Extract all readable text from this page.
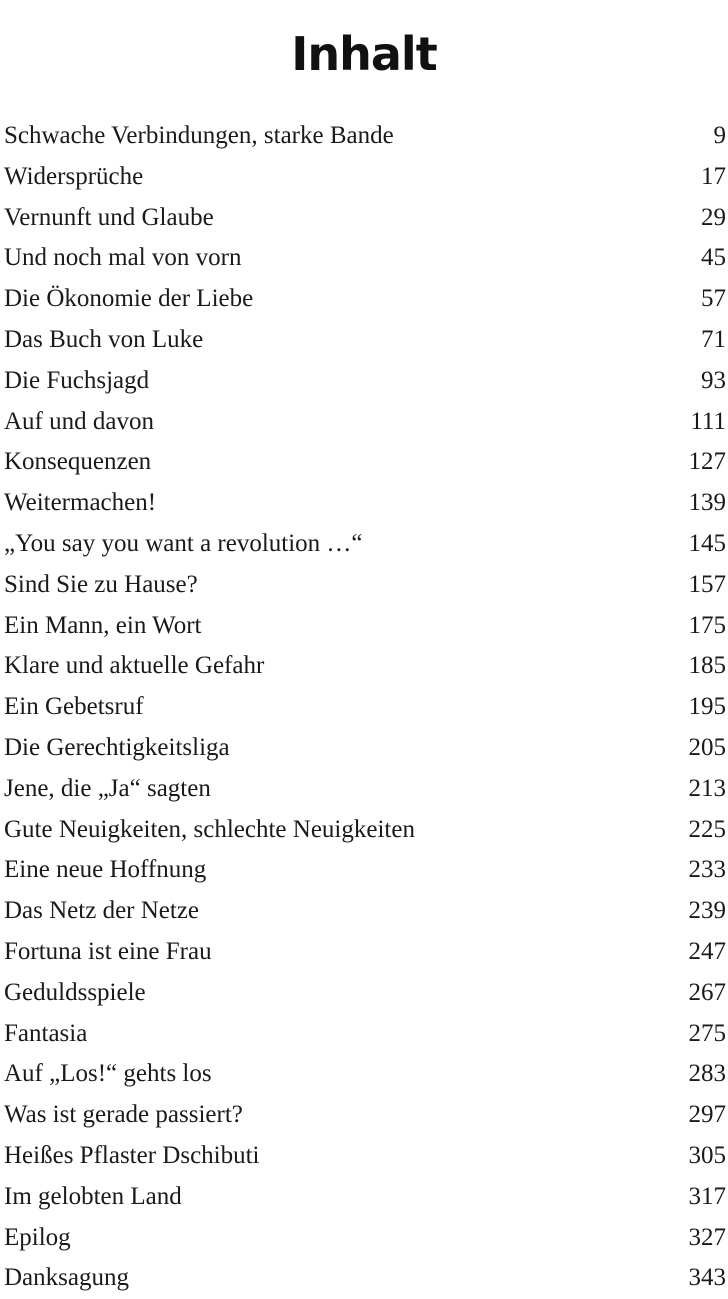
Inhalt
Schwache Verbindungen, starke Bande	9
Widersprüche	17
Vernunft und Glaube	29
Und noch mal von vorn	45
Die Ökonomie der Liebe	57
Das Buch von Luke	71
Die Fuchsjagd	93
Auf und davon	111
Konsequenzen	127
Weitermachen!	139
„You say you want a revolution …“	145
Sind Sie zu Hause?	157
Ein Mann, ein Wort	175
Klare und aktuelle Gefahr	185
Ein Gebetsruf	195
Die Gerechtigkeitsliga	205
Jene, die „Ja“ sagten	213
Gute Neuigkeiten, schlechte Neuigkeiten	225
Eine neue Hoffnung	233
Das Netz der Netze	239
Fortuna ist eine Frau	247
Geduldsspiele	267
Fantasia	275
Auf „Los!“ gehts los	283
Was ist gerade passiert?	297
Heißes Pflaster Dschibuti	305
Im gelobten Land	317
Epilog	327
Danksagung	343
